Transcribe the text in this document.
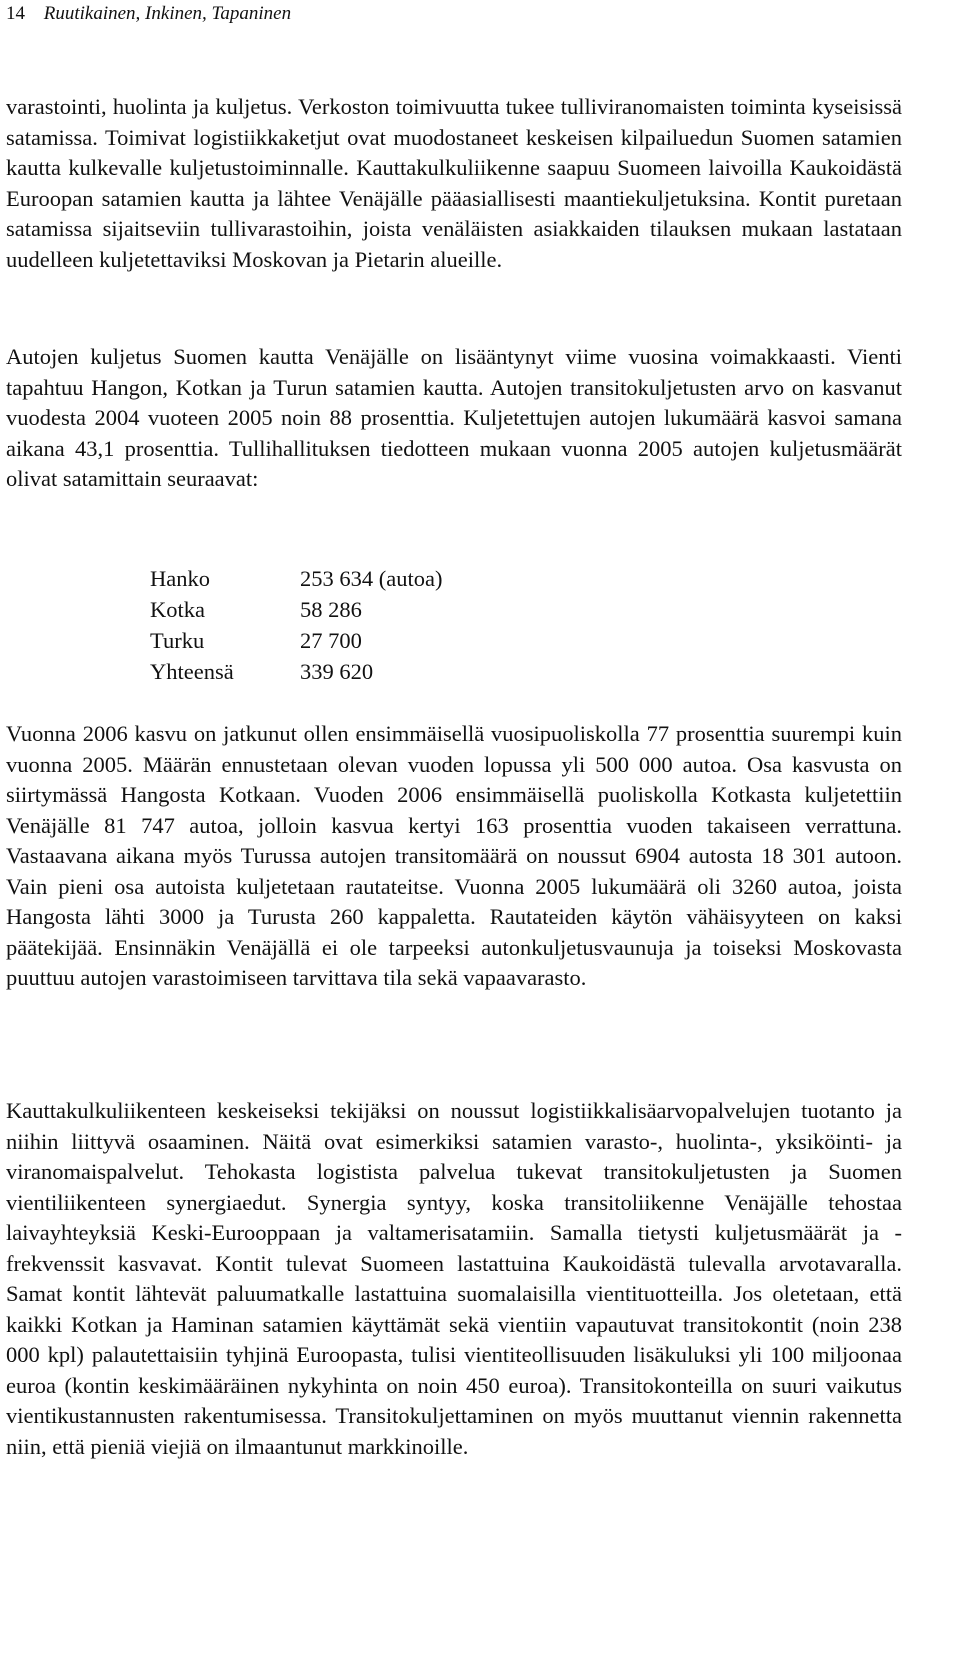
14 Ruutikainen, Inkinen, Tapaninen

varastointi, huolinta ja kuljetus. Verkoston toimivuutta tukee tulliviranomaisten toiminta kyseisissä satamissa. Toimivat logistiikkaketjut ovat muodostaneet keskeisen kilpailuedun Suomen satamien kautta kulkevalle kuljetustoiminnalle. Kauttakulkuliikenne saapuu Suomeen laivoilla Kaukoidästä Euroopan satamien kautta ja lähtee Venäjälle pääasiallisesti maantiekuljetuksina. Kontit puretaan satamissa sijaitseviin tullivarastoihin, joista venäläisten asiakkaiden tilauksen mukaan lastataan uudelleen kuljetettaviksi Moskovan ja Pietarin alueille.

Autojen kuljetus Suomen kautta Venäjälle on lisääntynyt viime vuosina voimakkaasti. Vienti tapahtuu Hangon, Kotkan ja Turun satamien kautta. Autojen transitokuljetusten arvo on kasvanut vuodesta 2004 vuoteen 2005 noin 88 prosenttia. Kuljetettujen autojen lukumäärä kasvoi samana aikana 43,1 prosenttia. Tullihallituksen tiedotteen mukaan vuonna 2005 autojen kuljetusmäärät olivat satamittain seuraavat:

Hanko	253 634 (autoa)
Kotka	58 286
Turku	27 700
Yhteensä	339 620

Vuonna 2006 kasvu on jatkunut ollen ensimmäisellä vuosipuoliskolla 77 prosenttia suurempi kuin vuonna 2005. Määrän ennustetaan olevan vuoden lopussa yli 500 000 autoa. Osa kasvusta on siirtymässä Hangosta Kotkaan. Vuoden 2006 ensimmäisellä puoliskolla Kotkasta kuljetettiin Venäjälle 81 747 autoa, jolloin kasvua kertyi 163 prosenttia vuoden takaiseen verrattuna. Vastaavana aikana myös Turussa autojen transitomäärä on noussut 6904 autosta 18 301 autoon. Vain pieni osa autoista kuljetetaan rautateitse. Vuonna 2005 lukumäärä oli 3260 autoa, joista Hangosta lähti 3000 ja Turusta 260 kappaletta. Rautateiden käytön vähäisyyteen on kaksi päätekijää. Ensinnäkin Venäjällä ei ole tarpeeksi autonkuljetusvaunuja ja toiseksi Moskovasta puuttuu autojen varastoimiseen tarvittava tila sekä vapaavarasto.

Kauttakulkuliikenteen keskeiseksi tekijäksi on noussut logistiikkalisäarvopalvelujen tuotanto ja niihin liittyvä osaaminen. Näitä ovat esimerkiksi satamien varasto-, huolinta-, yksiköinti- ja viranomaispalvelut. Tehokasta logistista palvelua tukevat transitokuljetusten ja Suomen vientiliikenteen synergiaedut. Synergia syntyy, koska transitoliikenne Venäjälle tehostaa laivayhteyksiä Keski-Eurooppaan ja valtamerisatamiin. Samalla tietysti kuljetusmäärät ja -frekvenssit kasvavat. Kontit tulevat Suomeen lastattuina Kaukoidästä tulevalla arvotavaralla. Samat kontit lähtevät paluumatkalle lastattuina suomalaisilla vientituotteilla. Jos oletetaan, että kaikki Kotkan ja Haminan satamien käyttämät sekä vientiin vapautuvat transitokontit (noin 238 000 kpl) palautettaisiin tyhjinä Euroopasta, tulisi vientiteollisuuden lisäkuluksi yli 100 miljoonaa euroa (kontin keskimääräinen nykyhinta on noin 450 euroa). Transitokonteilla on suuri vaikutus vientikustannusten rakentumisessa. Transitokuljettaminen on myös muuttanut viennin rakennetta niin, että pieniä viejiä on ilmaantunut markkinoille.
